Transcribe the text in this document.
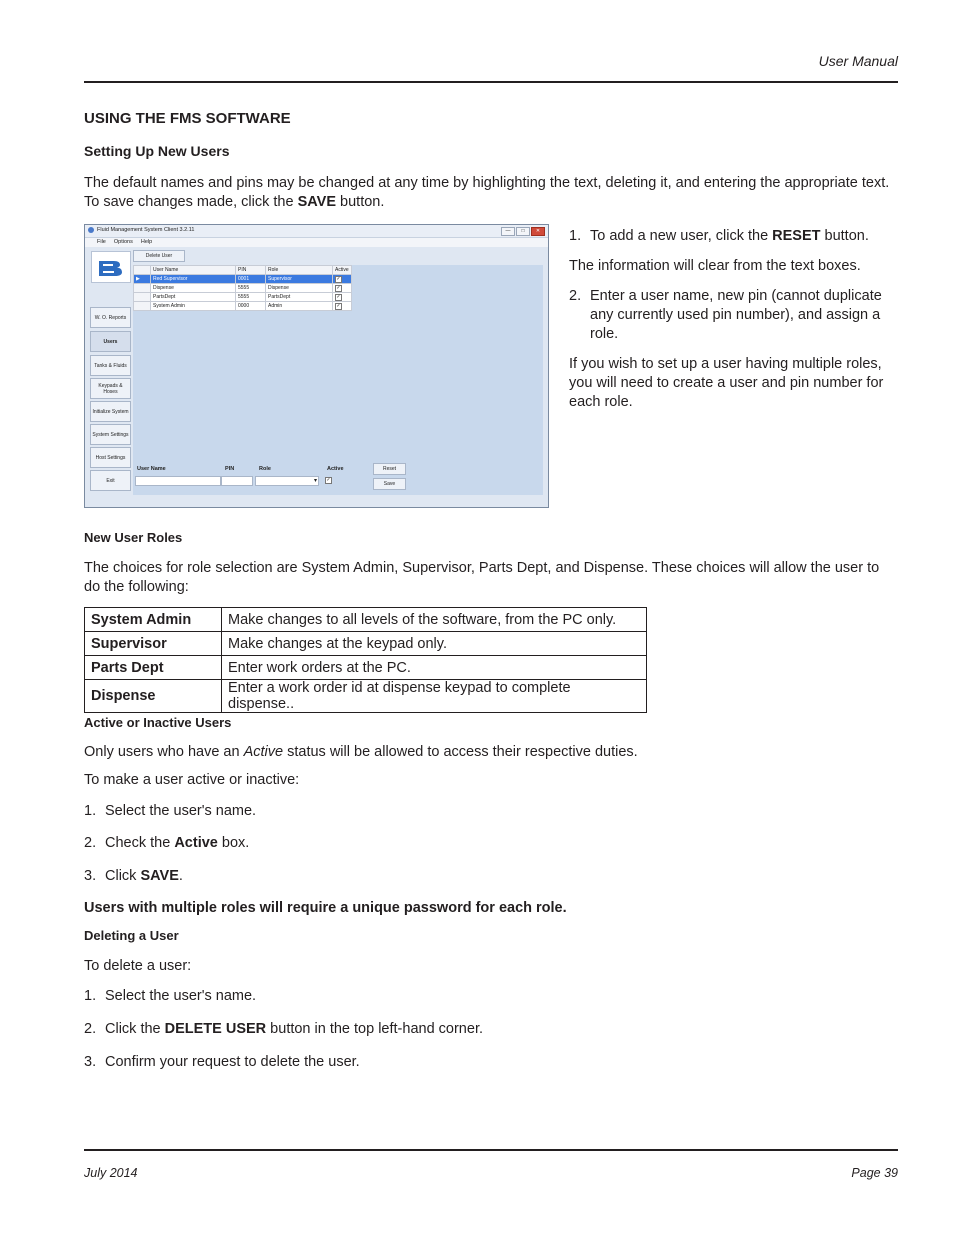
User Manual
USING THE FMS SOFTWARE
Setting Up New Users
The default names and pins may be changed at any time by highlighting the text, deleting it, and entering the appropriate text. To save changes made, click the SAVE button.
Fluid Management System Client 3.2.11	—	□	✕
File Options Help
W. O. Reports
Users
Tanks & Fluids
Keypads & Hoses
Initialize System
System Settings
Host Settings
Exit
Delete User
	User Name	PIN	Role	Active
▶	Red Supervisor	0001	Supervisor	✓
	Dispense	5555	Dispense	✓
	PartsDept	5555	PartsDept	✓
	System Admin	0000	Admin	✓
User Name	PIN	Role	Active
▾ ✓
Reset
Save
1. To add a new user, click the RESET button.
The information will clear from the text boxes.
2. Enter a user name, new pin (cannot duplicate any currently used pin number), and assign a role.
If you wish to set up a user having multiple roles, you will need to create a user and pin number for each role.
New User Roles
The choices for role selection are System Admin, Supervisor, Parts Dept, and Dispense. These choices will allow the user to do the following:
System Admin	Make changes to all levels of the software, from the PC only.
Supervisor	Make changes at the keypad only.
Parts Dept	Enter work orders at the PC.
Dispense	Enter a work order id at dispense keypad to complete dispense..
Active or Inactive Users
Only users who have an Active status will be allowed to access their respective duties.
To make a user active or inactive:
1. Select the user's name.
2. Check the Active box.
3. Click SAVE.
Users with multiple roles will require a unique password for each role.
Deleting a User
To delete a user:
1. Select the user's name.
2. Click the DELETE USER button in the top left-hand corner.
3. Confirm your request to delete the user.
July 2014	Page 39
